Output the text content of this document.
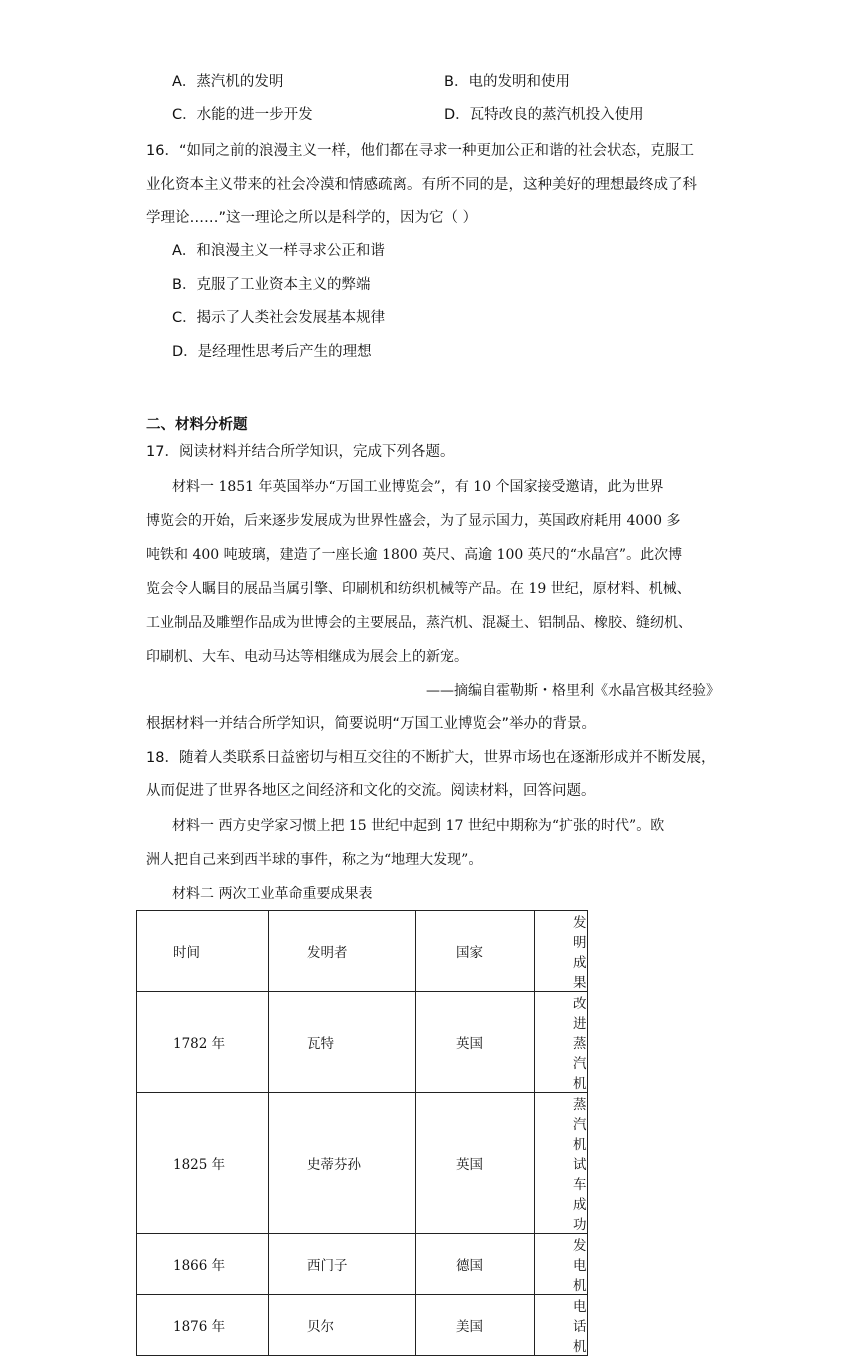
A．蒸汽机的发明	B．电的发明和使用
C．水能的进一步开发	D．瓦特改良的蒸汽机投入使用
16．“如同之前的浪漫主义一样，他们都在寻求一种更加公正和谐的社会状态，克服工
业化资本主义带来的社会冷漠和情感疏离。有所不同的是，这种美好的理想最终成了科
学理论……”这一理论之所以是科学的，因为它（ ）
A．和浪漫主义一样寻求公正和谐
B．克服了工业资本主义的弊端
C．揭示了人类社会发展基本规律
D．是经理性思考后产生的理想
二、材料分析题
17．阅读材料并结合所学知识，完成下列各题。
材料一 1851 年英国举办“万国工业博览会”，有 10 个国家接受邀请，此为世界
博览会的开始，后来逐步发展成为世界性盛会，为了显示国力，英国政府耗用 4000 多
吨铁和 400 吨玻璃，建造了一座长逾 1800 英尺、高逾 100 英尺的“水晶宫”。此次博
览会令人瞩目的展品当属引擎、印刷机和纺织机械等产品。在 19 世纪，原材料、机械、
工业制品及雕塑作品成为世博会的主要展品，蒸汽机、混凝土、铝制品、橡胶、缝纫机、
印刷机、大车、电动马达等相继成为展会上的新宠。
——摘编自霍勒斯・格里利《水晶宫极其经验》
根据材料一并结合所学知识，简要说明“万国工业博览会”举办的背景。
18．随着人类联系日益密切与相互交往的不断扩大，世界市场也在逐渐形成并不断发展，
从而促进了世界各地区之间经济和文化的交流。阅读材料，回答问题。
材料一 西方史学家习惯上把 15 世纪中起到 17 世纪中期称为“扩张的时代”。欧
洲人把自己来到西半球的事件，称之为“地理大发现”。
材料二 两次工业革命重要成果表
时间	发明者	国家	发明成果
1782 年	瓦特	英国	改进蒸汽机
1825 年	史蒂芬孙	英国	蒸汽机试车成功
1866 年	西门子	德国	发电机
1876 年	贝尔	美国	电话机
